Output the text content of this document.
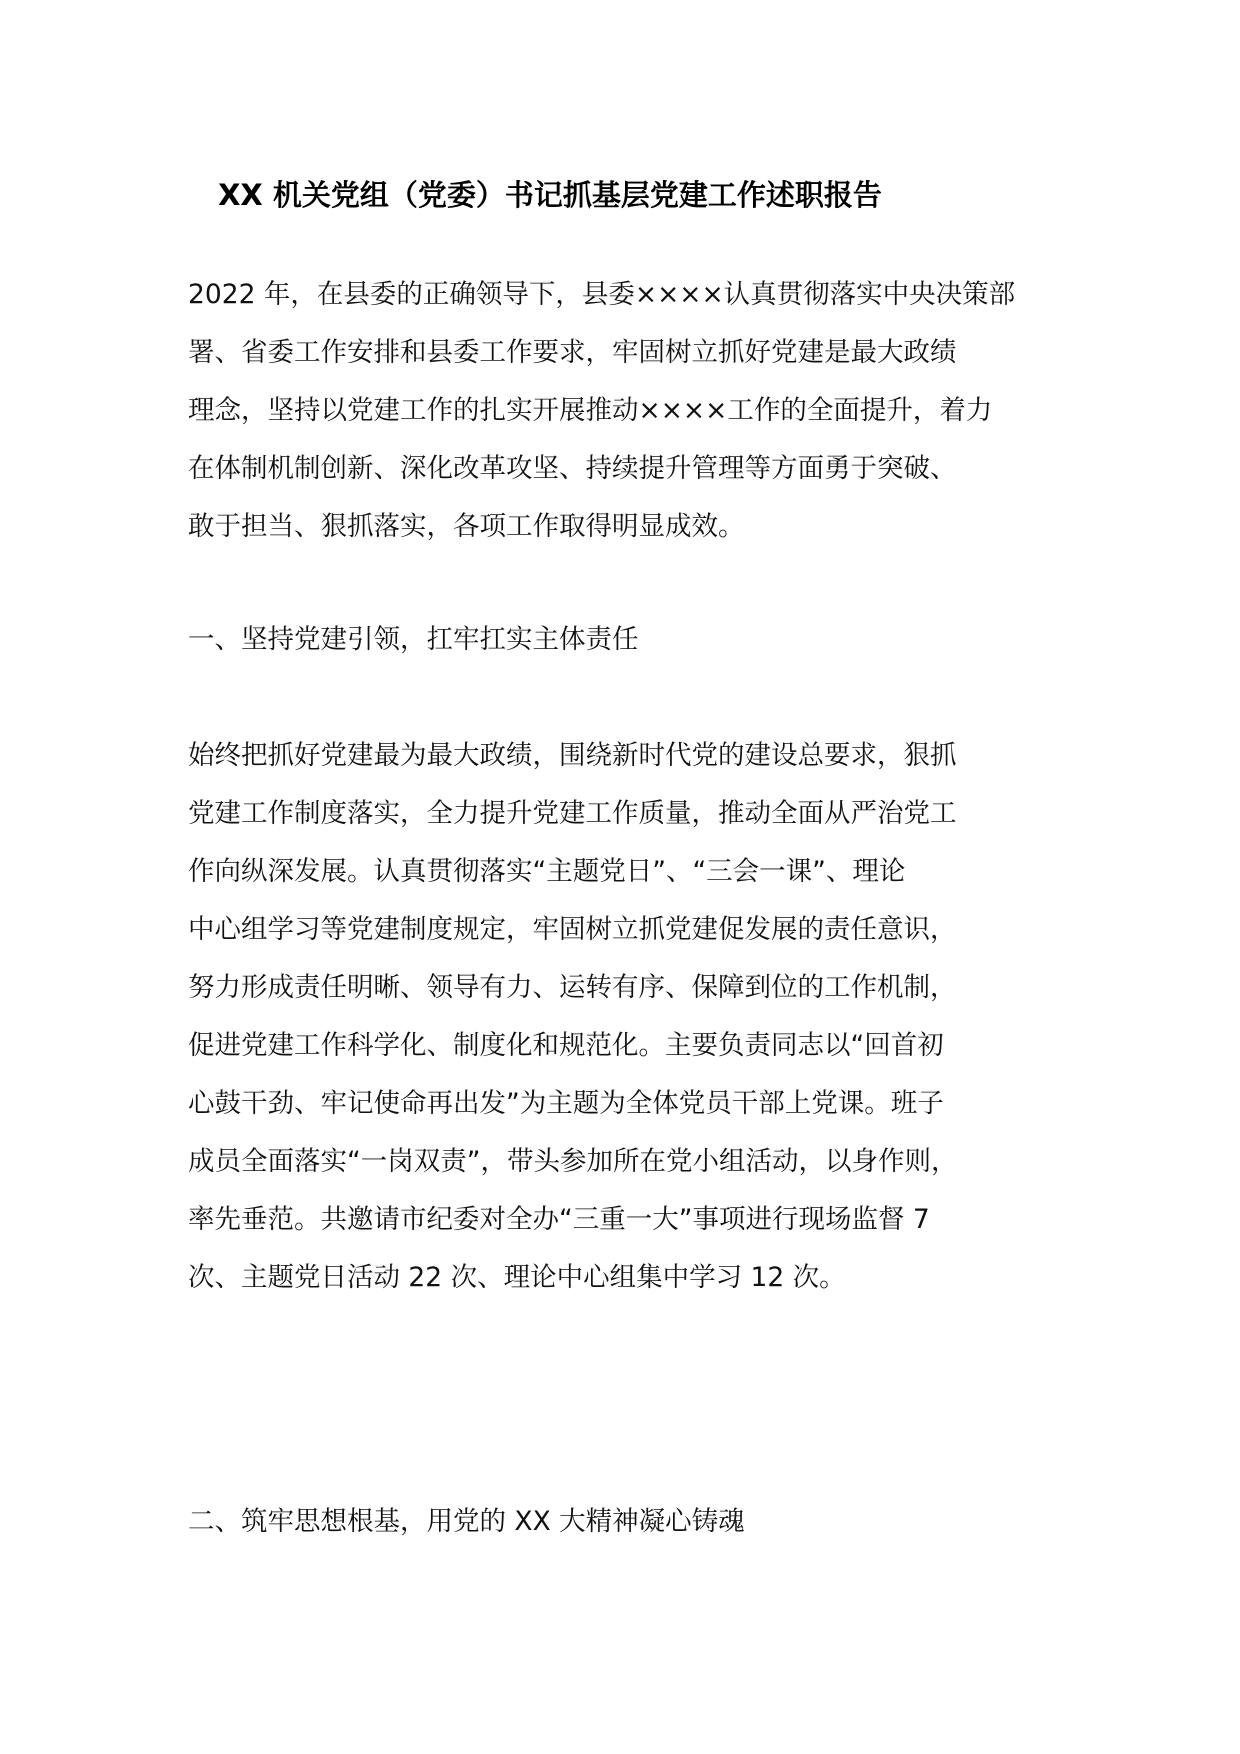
XX 机关党组（党委）书记抓基层党建工作述职报告
2022 年，在县委的正确领导下，县委××××认真贯彻落实中央决策部
署、省委工作安排和县委工作要求，牢固树立抓好党建是最大政绩
理念，坚持以党建工作的扎实开展推动××××工作的全面提升，着力
在体制机制创新、深化改革攻坚、持续提升管理等方面勇于突破、
敢于担当、狠抓落实，各项工作取得明显成效。
一、坚持党建引领，扛牢扛实主体责任
始终把抓好党建最为最大政绩，围绕新时代党的建设总要求，狠抓
党建工作制度落实，全力提升党建工作质量，推动全面从严治党工
作向纵深发展。认真贯彻落实“主题党日”、“三会一课”、理论
中心组学习等党建制度规定，牢固树立抓党建促发展的责任意识，
努力形成责任明晰、领导有力、运转有序、保障到位的工作机制，
促进党建工作科学化、制度化和规范化。主要负责同志以“回首初
心鼓干劲、牢记使命再出发”为主题为全体党员干部上党课。班子
成员全面落实“一岗双责”，带头参加所在党小组活动，以身作则，
率先垂范。共邀请市纪委对全办“三重一大”事项进行现场监督 7
次、主题党日活动 22 次、理论中心组集中学习 12 次。
二、筑牢思想根基，用党的 XX 大精神凝心铸魂
